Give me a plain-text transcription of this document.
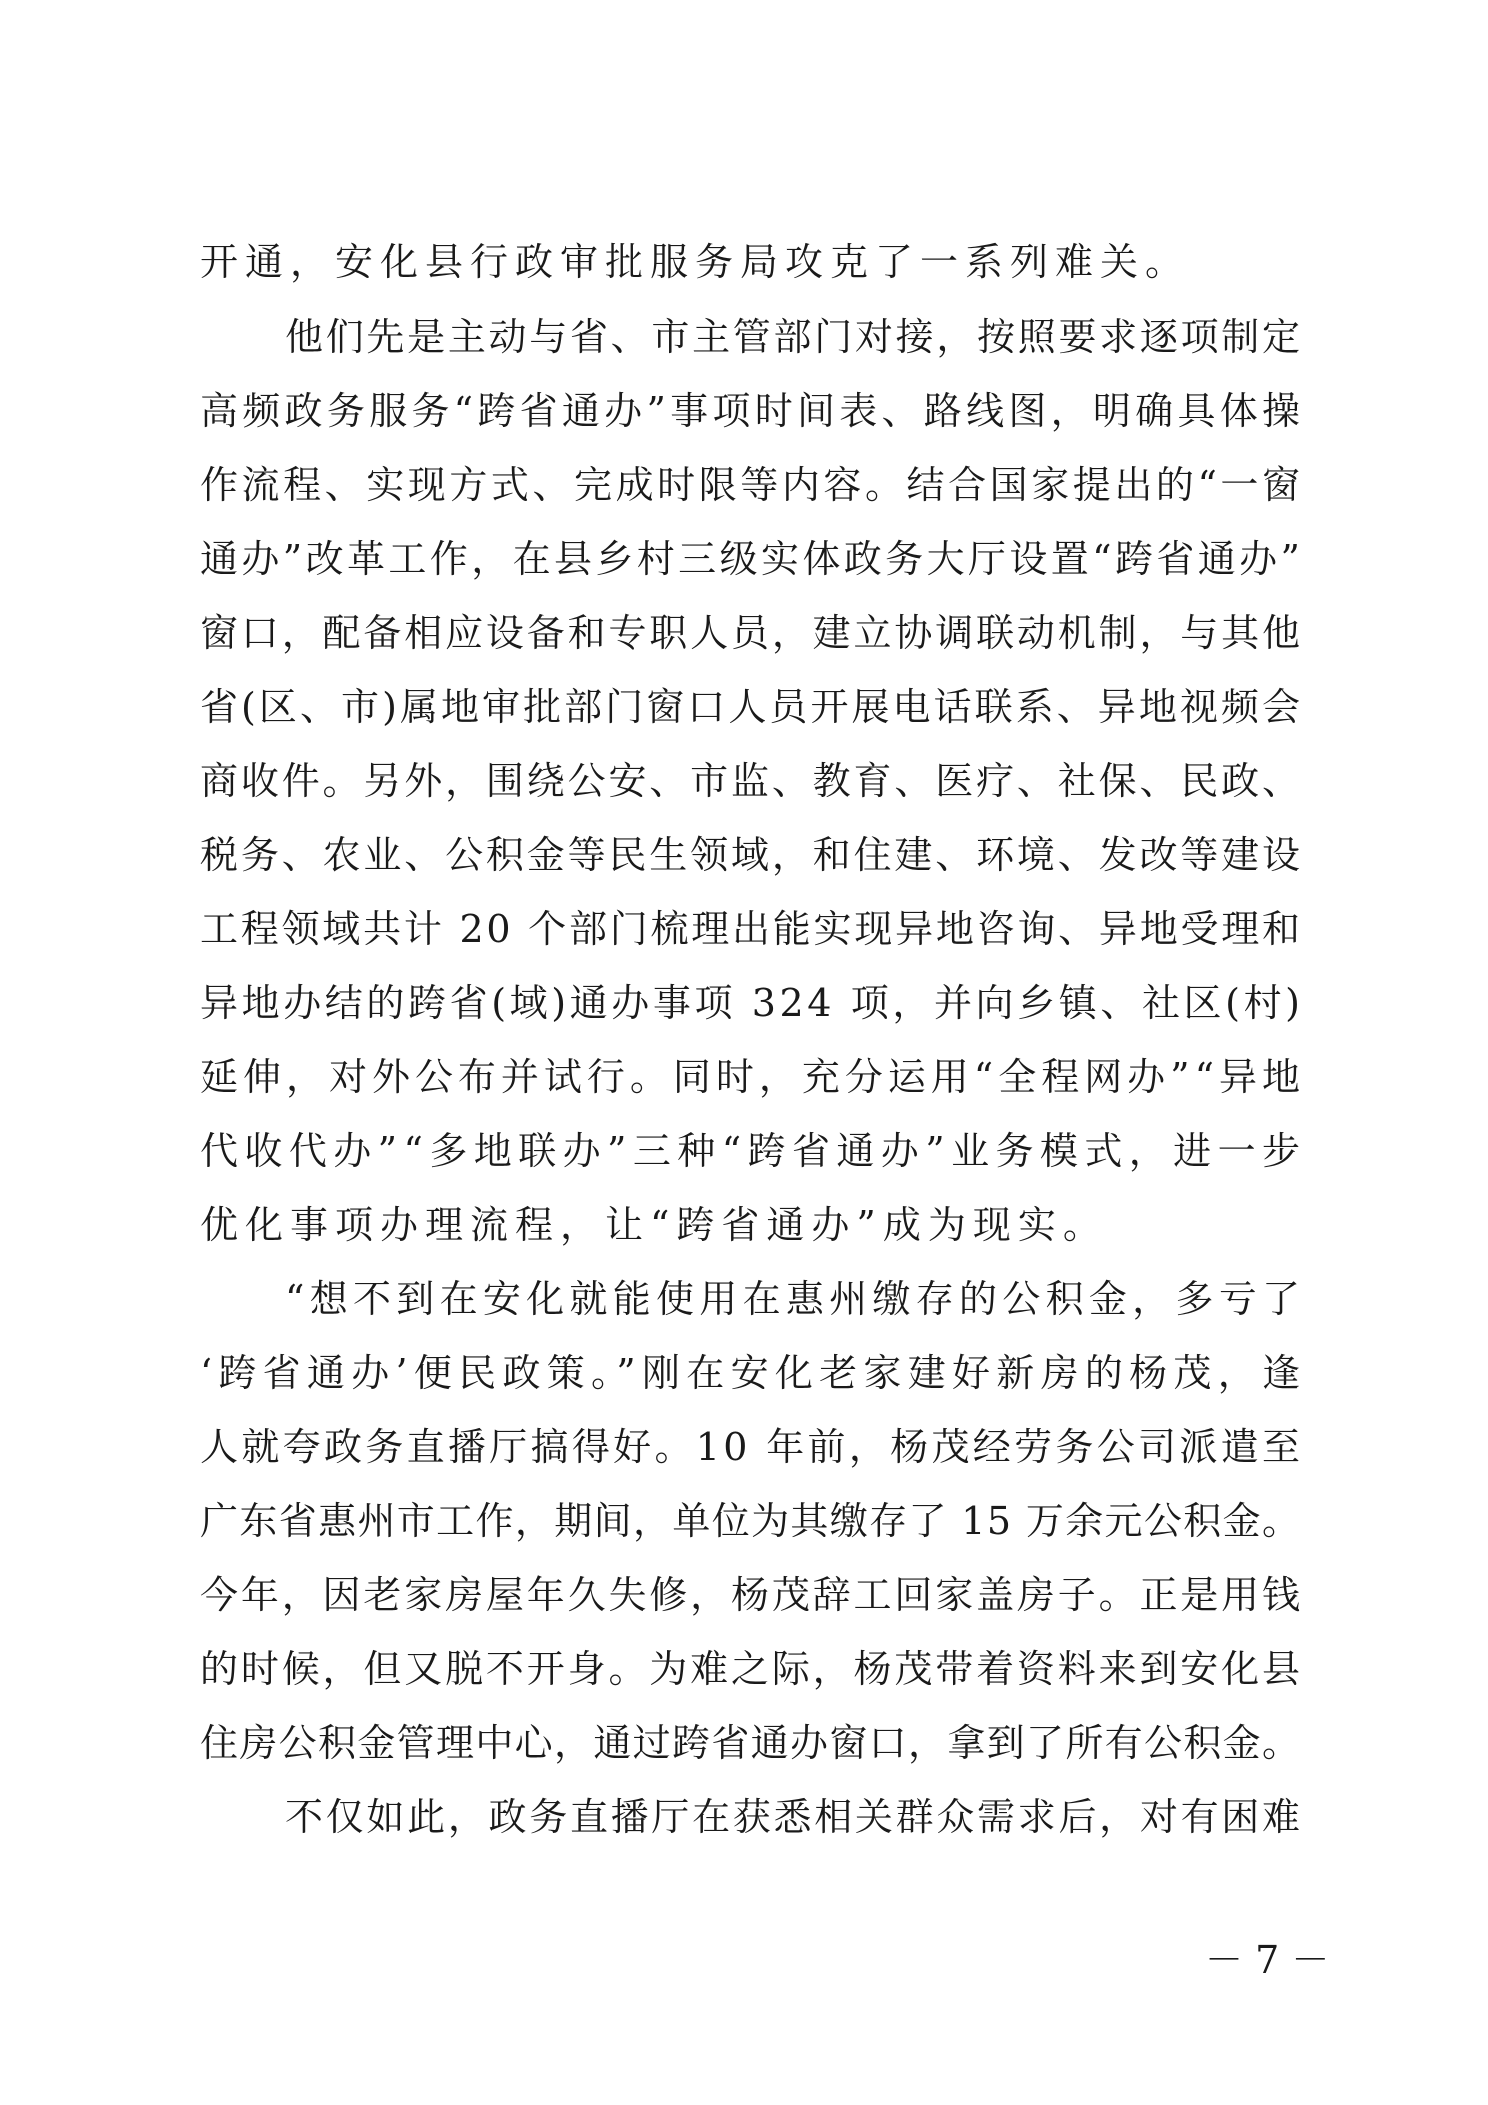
开通，安化县行政审批服务局攻克了一系列难关。
他们先是主动与省、市主管部门对接，按照要求逐项制定
高频政务服务“跨省通办”事项时间表、路线图，明确具体操
作流程、实现方式、完成时限等内容。结合国家提出的“一窗
通办”改革工作，在县乡村三级实体政务大厅设置“跨省通办”
窗口，配备相应设备和专职人员，建立协调联动机制，与其他
省(区、市)属地审批部门窗口人员开展电话联系、异地视频会
商收件。另外，围绕公安、市监、教育、医疗、社保、民政、
税务、农业、公积金等民生领域，和住建、环境、发改等建设
工程领域共计 20 个部门梳理出能实现异地咨询、异地受理和
异地办结的跨省(域)通办事项 324 项，并向乡镇、社区(村)
延伸，对外公布并试行。同时，充分运用“全程网办”“异地
代收代办”“多地联办”三种“跨省通办”业务模式，进一步
优化事项办理流程，让“跨省通办”成为现实。
“想不到在安化就能使用在惠州缴存的公积金，多亏了
‘跨省通办’便民政策。”刚在安化老家建好新房的杨茂，逢
人就夸政务直播厅搞得好。10 年前，杨茂经劳务公司派遣至
广东省惠州市工作，期间，单位为其缴存了 15 万余元公积金。
今年，因老家房屋年久失修，杨茂辞工回家盖房子。正是用钱
的时候，但又脱不开身。为难之际，杨茂带着资料来到安化县
住房公积金管理中心，通过跨省通办窗口，拿到了所有公积金。
不仅如此，政务直播厅在获悉相关群众需求后，对有困难
－ 7 －
